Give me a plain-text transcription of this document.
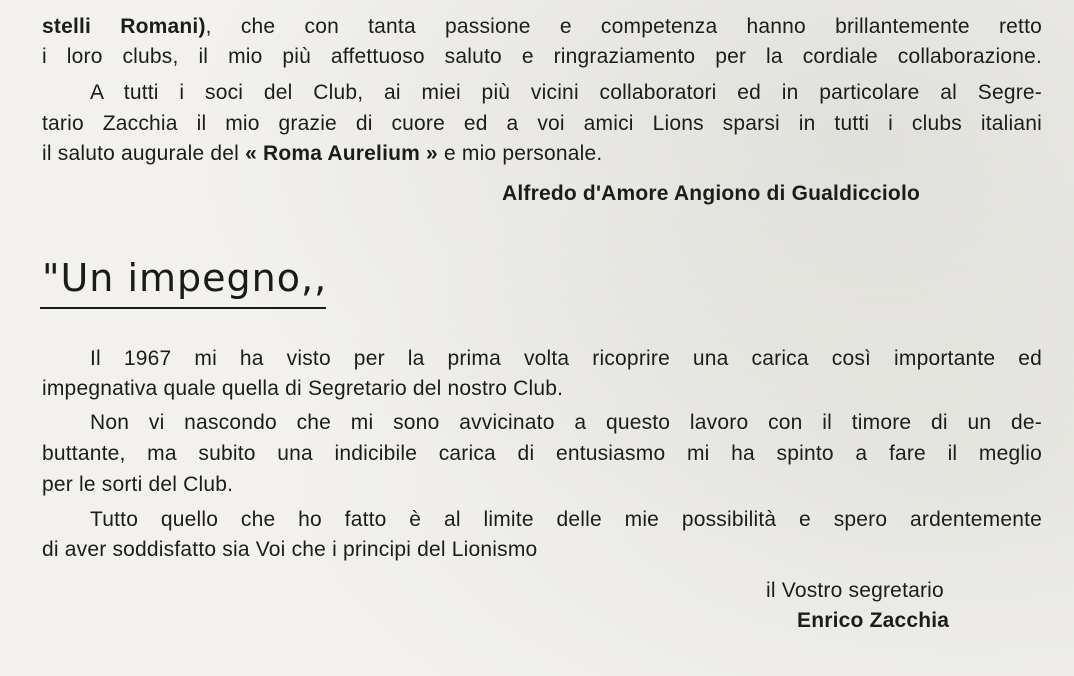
stelli Romani), che con tanta passione e competenza hanno brillantemente retto
i loro clubs, il mio più affettuoso saluto e ringraziamento per la cordiale collaborazione.
A tutti i soci del Club, ai miei più vicini collaboratori ed in particolare al Segre-
tario Zacchia il mio grazie di cuore ed a voi amici Lions sparsi in tutti i clubs italiani
il saluto augurale del « Roma Aurelium » e mio personale.
Alfredo d'Amore Angiono di Gualdicciolo
"Un impegno,,
Il 1967 mi ha visto per la prima volta ricoprire una carica così importante ed
impegnativa quale quella di Segretario del nostro Club.
Non vi nascondo che mi sono avvicinato a questo lavoro con il timore di un de-
buttante, ma subito una indicibile carica di entusiasmo mi ha spinto a fare il meglio
per le sorti del Club.
Tutto quello che ho fatto è al limite delle mie possibilità e spero ardentemente
di aver soddisfatto sia Voi che i principi del Lionismo
il Vostro segretario
Enrico Zacchia
